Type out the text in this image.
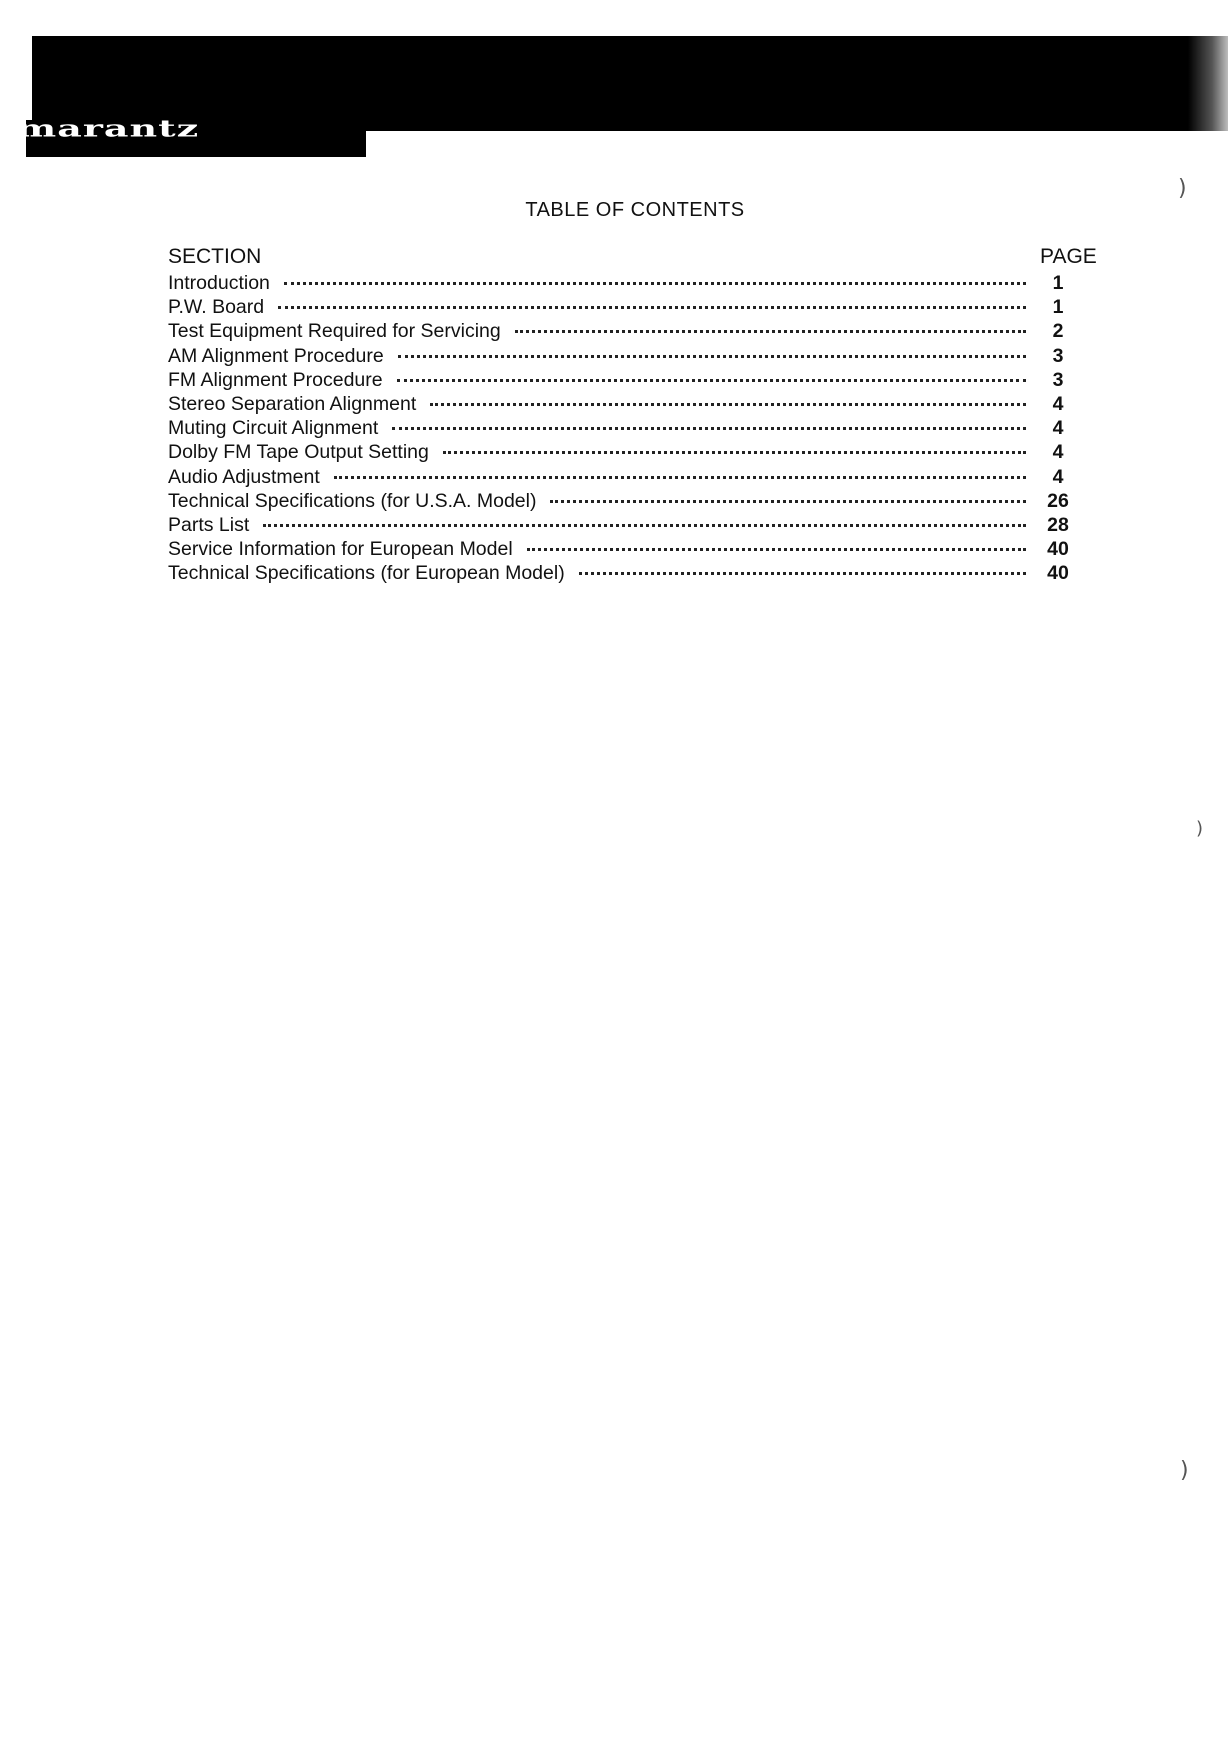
marantz
TABLE OF CONTENTS
SECTION	PAGE
Introduction	1
P.W. Board	1
Test Equipment Required for Servicing	2
AM Alignment Procedure	3
FM Alignment Procedure	3
Stereo Separation Alignment	4
Muting Circuit Alignment	4
Dolby FM Tape Output Setting	4
Audio Adjustment	4
Technical Specifications (for U.S.A. Model)	26
Parts List	28
Service Information for European Model	40
Technical Specifications (for European Model)	40
)
)
)
